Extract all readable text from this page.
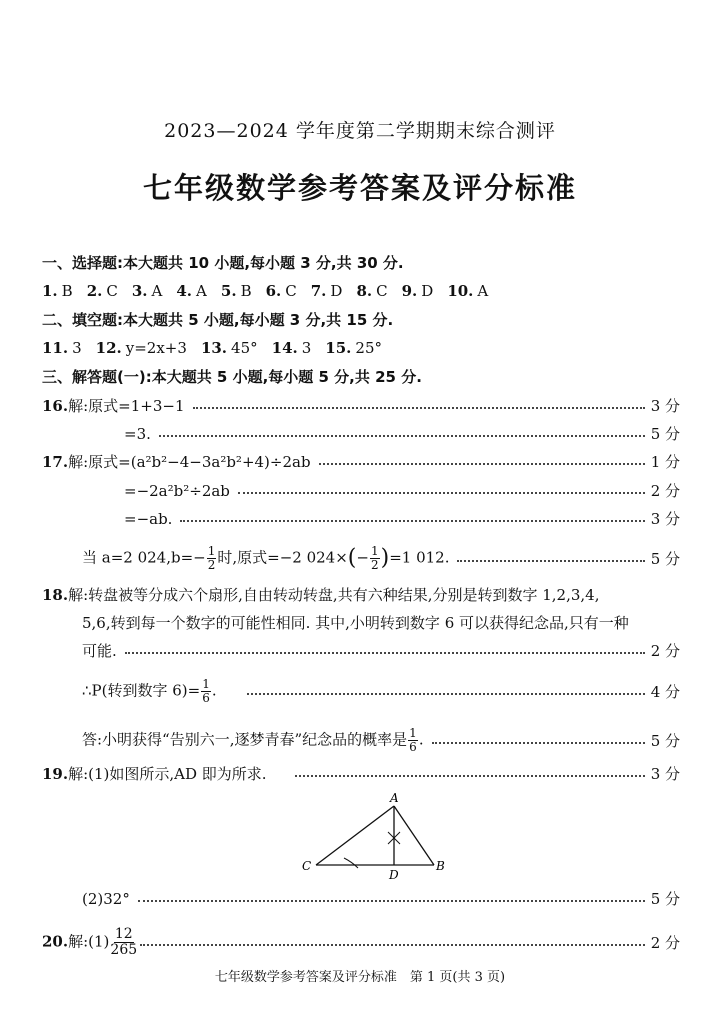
2023—2024 学年度第二学期期末综合测评
七年级数学参考答案及评分标准
一、选择题:本大题共 10 小题,每小题 3 分,共 30 分.
1. B 2. C 3. A 4. A 5. B 6. C 7. D 8. C 9. D 10. A
二、填空题:本大题共 5 小题,每小题 3 分,共 15 分.
11. 3 12. y=2x+3 13. 45° 14. 3 15. 25°
三、解答题(一):本大题共 5 小题,每小题 5 分,共 25 分.
16.解:原式=1+3−1	3 分
=3.	5 分
17.解:原式=(a²b²−4−3a²b²+4)÷2ab	1 分
=−2a²b²÷2ab	2 分
=−ab.	3 分
当 a=2 $024,b=- \frac{1}{2}$ 时,原式=−2 $024\times(- \frac{1}{2} )=1$ 012.	5 分
18.解:转盘被等分成六个扇形,自由转动转盘,共有六种结果,分别是转到数字 1,2,3,4,
5,6,转到每一个数字的可能性相同. 其中,小明转到数字 6 可以获得纪念品,只有一种
可能.	2 分
∴P(转到数字 $6)= \frac{1}{6}$ .	4 分
答:小明获得“告别六一,逐梦青春”纪念品的概率是 $\frac{1}{6}$ .	5 分
19.解:(1)如图所示,AD 即为所求.	3 分
A
B
C
D
(2)32°	5 分
20.解:(1) $\frac{12}{265}$	2 分
七年级数学参考答案及评分标准　第 1 页(共 3 页)
